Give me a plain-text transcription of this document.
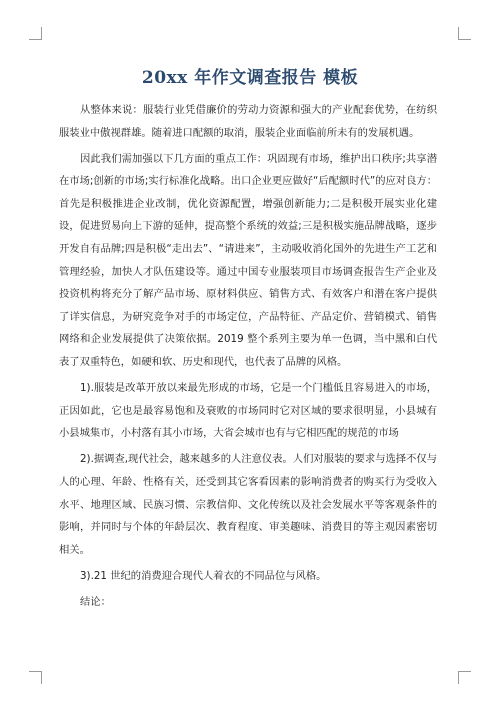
20xx 年作文调查报告 模板

从整体来说：服装行业凭借廉价的劳动力资源和强大的产业配套优势，在纺织服装业中傲视群雄。随着进口配额的取消，服装企业面临前所未有的发展机遇。

因此我们需加强以下几方面的重点工作：巩固现有市场，维护出口秩序;共享潜在市场;创新的市场;实行标准化战略。出口企业更应做好“后配额时代”的应对良方：首先是积极推进企业改制，优化资源配置，增强创新能力;二是积极开展实业化建设，促进贸易向上下游的延伸，提高整个系统的效益;三是积极实施品牌战略，逐步开发自有品牌;四是积极“走出去”、“请进来”，主动吸收消化国外的先进生产工艺和管理经验，加快人才队伍建设等。通过中国专业服装项目市场调查报告生产企业及投资机构将充分了解产品市场、原材料供应、销售方式、有效客户和潜在客户提供了详实信息，为研究竞争对手的市场定位，产品特征、产品定价、营销模式、销售网络和企业发展提供了决策依据。2019 整个系列主要为单一色调，当中黑和白代表了双重特色，如硬和软、历史和现代，也代表了品牌的风格。

1).服装是改革开放以来最先形成的市场，它是一个门槛低且容易进入的市场，正因如此，它也是最容易饱和及衰败的市场同时它对区域的要求很明显，小县城有小县城集市，小村落有其小市场，大省会城市也有与它相匹配的规范的市场

2).据调查,现代社会，越来越多的人注意仪表。人们对服装的要求与选择不仅与人的心理、年龄、性格有关，还受到其它客看因素的影响消费者的购买行为受收入水平、地理区域、民族习惯、宗教信仰、文化传统以及社会发展水平等客观条件的影响，并同时与个体的年龄层次、教育程度、审美趣味、消费目的等主观因素密切相关。

3).21 世纪的消费迎合现代人着衣的不同品位与风格。

结论：
